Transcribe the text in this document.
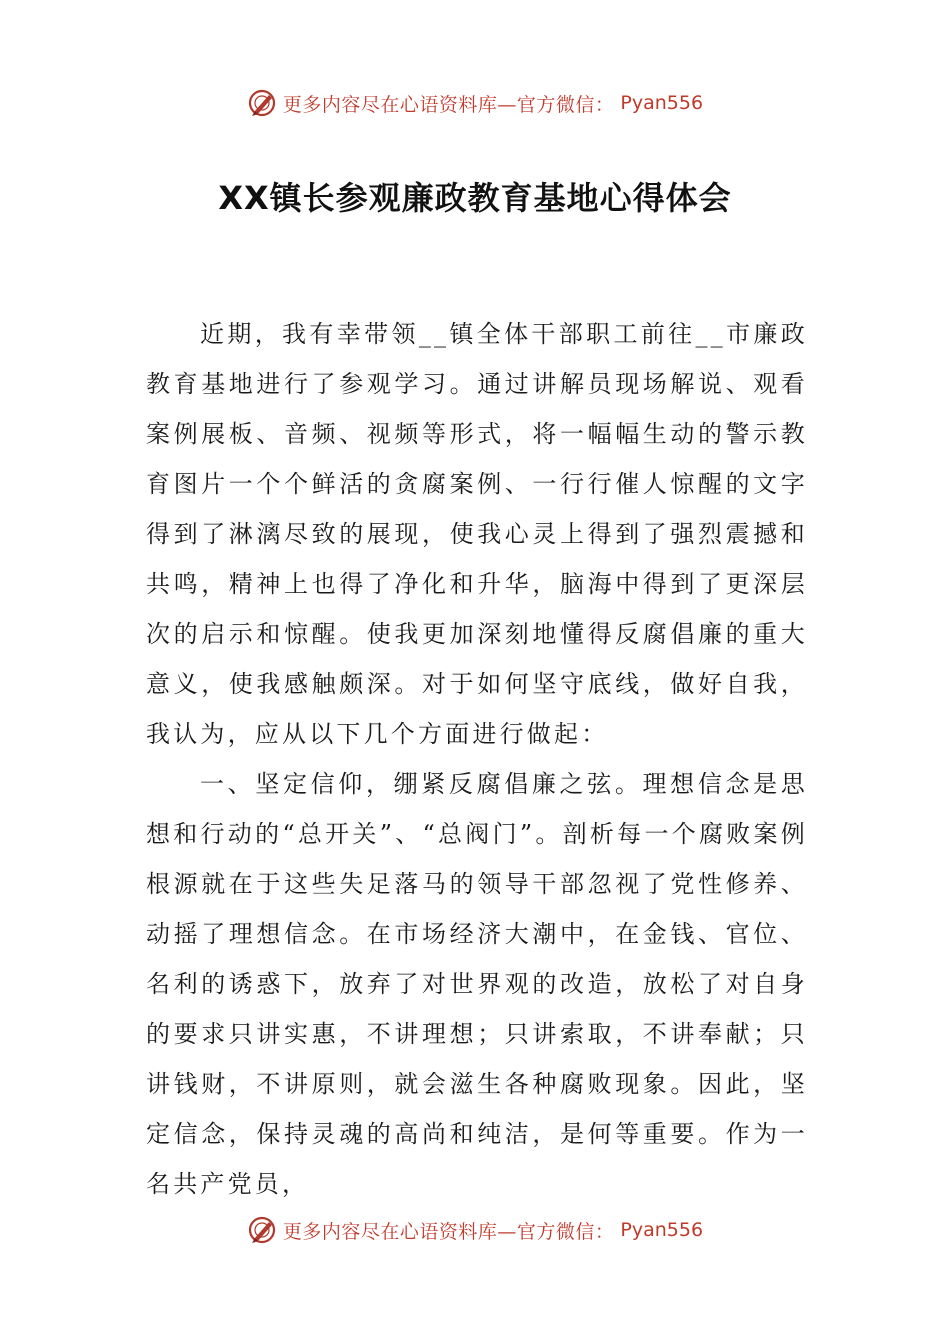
更多内容尽在心语资料库—官方微信： Pyan556
XX镇长参观廉政教育基地心得体会

近期，我有幸带领__镇全体干部职工前往__市廉政教育基地进行了参观学习。通过讲解员现场解说、观看案例展板、音频、视频等形式，将一幅幅生动的警示教育图片一个个鲜活的贪腐案例、一行行催人惊醒的文字得到了淋漓尽致的展现，使我心灵上得到了强烈震撼和共鸣，精神上也得了净化和升华，脑海中得到了更深层次的启示和惊醒。使我更加深刻地懂得反腐倡廉的重大意义，使我感触颇深。对于如何坚守底线，做好自我，我认为，应从以下几个方面进行做起：

一、坚定信仰，绷紧反腐倡廉之弦。理想信念是思想和行动的“总开关”、“总阀门”。剖析每一个腐败案例根源就在于这些失足落马的领导干部忽视了党性修养、动摇了理想信念。在市场经济大潮中，在金钱、官位、名利的诱惑下，放弃了对世界观的改造，放松了对自身的要求只讲实惠，不讲理想；只讲索取，不讲奉献；只讲钱财，不讲原则，就会滋生各种腐败现象。因此，坚定信念，保持灵魂的高尚和纯洁，是何等重要。作为一名共产党员，

更多内容尽在心语资料库—官方微信： Pyan556
